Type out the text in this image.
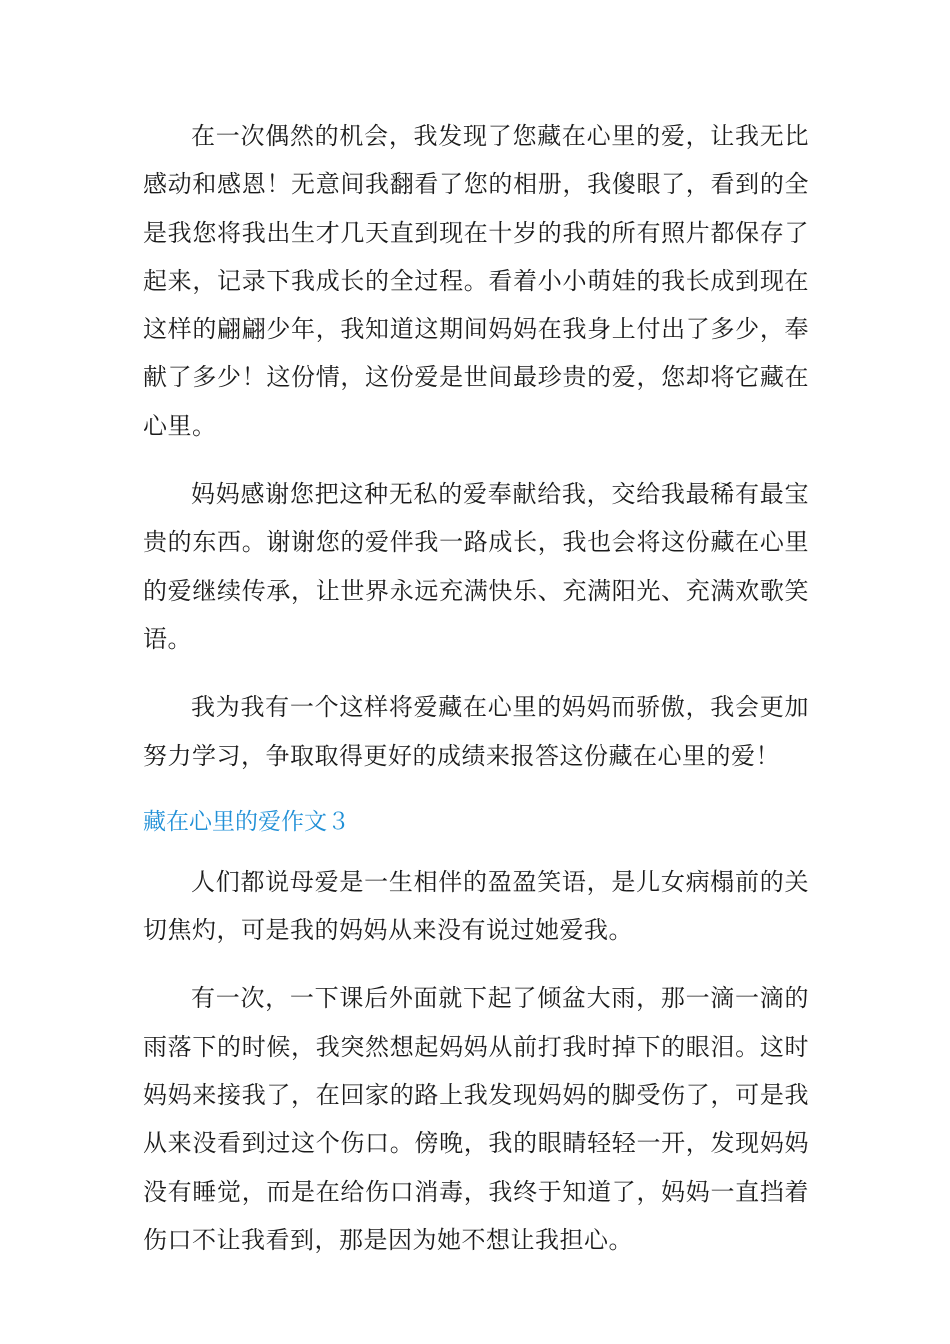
在一次偶然的机会，我发现了您藏在心里的爱，让我无比感动和感恩！无意间我翻看了您的相册，我傻眼了，看到的全是我您将我出生才几天直到现在十岁的我的所有照片都保存了起来，记录下我成长的全过程。看着小小萌娃的我长成到现在这样的翩翩少年，我知道这期间妈妈在我身上付出了多少，奉献了多少！这份情，这份爱是世间最珍贵的爱，您却将它藏在心里。

妈妈感谢您把这种无私的爱奉献给我，交给我最稀有最宝贵的东西。谢谢您的爱伴我一路成长，我也会将这份藏在心里的爱继续传承，让世界永远充满快乐、充满阳光、充满欢歌笑语。

我为我有一个这样将爱藏在心里的妈妈而骄傲，我会更加努力学习，争取取得更好的成绩来报答这份藏在心里的爱！

藏在心里的爱作文３

人们都说母爱是一生相伴的盈盈笑语，是儿女病榻前的关切焦灼，可是我的妈妈从来没有说过她爱我。

有一次，一下课后外面就下起了倾盆大雨，那一滴一滴的雨落下的时候，我突然想起妈妈从前打我时掉下的眼泪。这时妈妈来接我了，在回家的路上我发现妈妈的脚受伤了，可是我从来没看到过这个伤口。傍晚，我的眼睛轻轻一开，发现妈妈没有睡觉，而是在给伤口消毒，我终于知道了，妈妈一直挡着伤口不让我看到，那是因为她不想让我担心。
